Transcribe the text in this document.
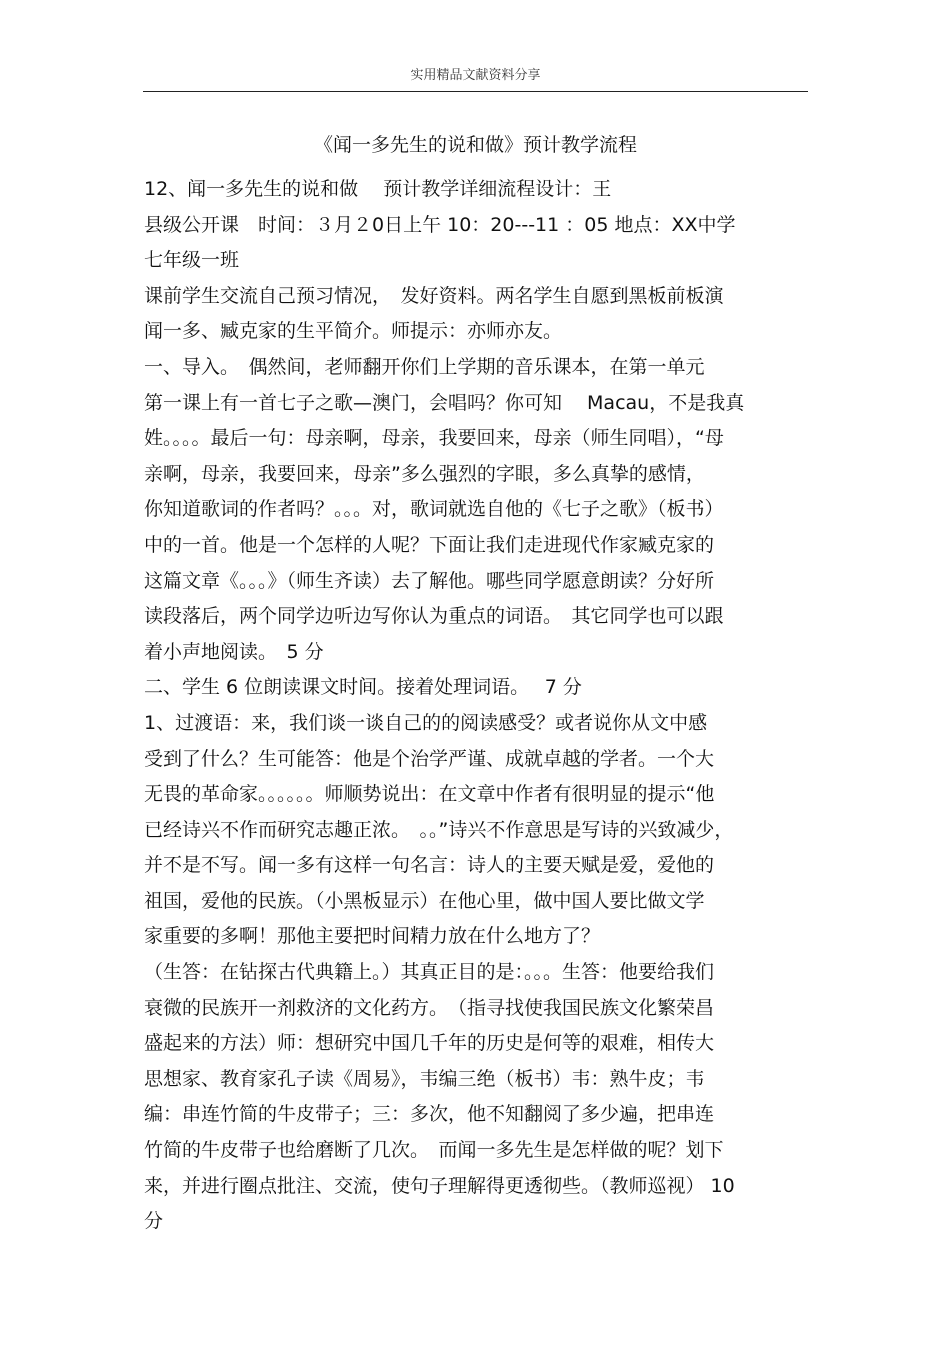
实用精品文献资料分享
《闻一多先生的说和做》预计教学流程
12、闻一多先生的说和做　 预计教学详细流程设计：王
县级公开课　时间：３月２0日上午 10：20---11 ：05 地点：XX中学
七年级一班
课前学生交流自己预习情况，　发好资料。两名学生自愿到黑板前板演
闻一多、臧克家的生平简介。师提示：亦师亦友。
一、导入。　偶然间，老师翻开你们上学期的音乐课本，在第一单元
第一课上有一首七子之歌—澳门，会唱吗？你可知　 Macau，不是我真
姓。。。。最后一句：母亲啊，母亲，我要回来，母亲（师生同唱），“母
亲啊，母亲，我要回来，母亲”多么强烈的字眼，多么真挚的感情，
你知道歌词的作者吗？。。。对，歌词就选自他的《七子之歌》（板书）
中的一首。他是一个怎样的人呢？下面让我们走进现代作家臧克家的
这篇文章《。。。》（师生齐读）去了解他。哪些同学愿意朗读？分好所
读段落后，两个同学边听边写你认为重点的词语。　其它同学也可以跟
着小声地阅读。　5 分
二、学生 6 位朗读课文时间。接着处理词语。　 7 分
1、过渡语：来，我们谈一谈自己的的阅读感受？或者说你从文中感
受到了什么？生可能答：他是个治学严谨、成就卓越的学者。一个大
无畏的革命家。。。。。。师顺势说出：在文章中作者有很明显的提示“他
已经诗兴不作而研究志趣正浓。　。。”诗兴不作意思是写诗的兴致减少，
并不是不写。闻一多有这样一句名言：诗人的主要天赋是爱，爱他的
祖国，爱他的民族。（小黑板显示）在他心里，做中国人要比做文学
家重要的多啊！那他主要把时间精力放在什么地方了？
（生答：在钻探古代典籍上。）其真正目的是：。。。生答：他要给我们
衰微的民族开一剂救济的文化药方。　（指寻找使我国民族文化繁荣昌
盛起来的方法）师：想研究中国几千年的历史是何等的艰难，相传大
思想家、教育家孔子读《周易》，韦编三绝（板书）韦：熟牛皮；韦
编：串连竹简的牛皮带子；三：多次，他不知翻阅了多少遍，把串连
竹简的牛皮带子也给磨断了几次。　而闻一多先生是怎样做的呢？划下
来，并进行圈点批注、交流，使句子理解得更透彻些。（教师巡视） 10
分
